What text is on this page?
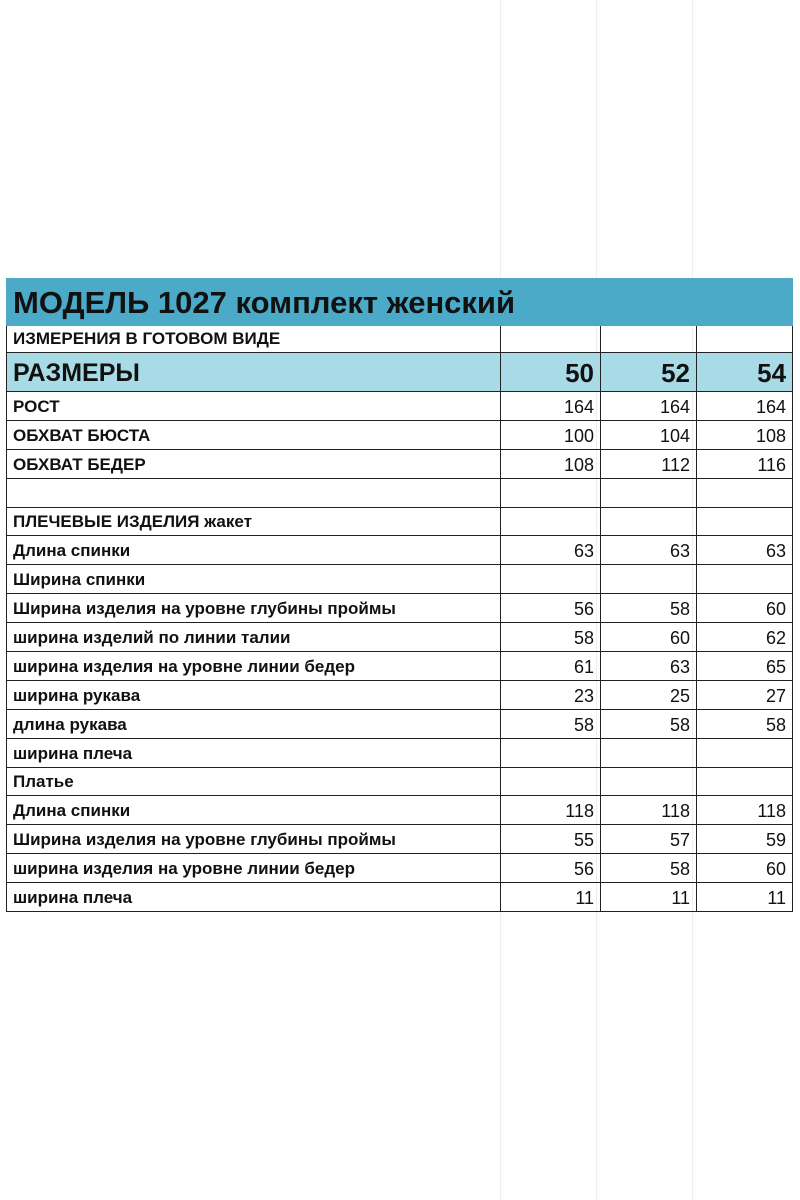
МОДЕЛЬ 1027 комплект женский			
ИЗМЕРЕНИЯ В ГОТОВОМ ВИДЕ			
РАЗМЕРЫ	50	52	54
РОСТ	164	164	164
ОБХВАТ БЮСТА	100	104	108
ОБХВАТ БЕДЕР	108	112	116

ПЛЕЧЕВЫЕ ИЗДЕЛИЯ жакет			
Длина спинки	63	63	63
Ширина спинки			
Ширина изделия на уровне глубины проймы	56	58	60
ширина изделий по линии талии	58	60	62
ширина изделия на уровне линии бедер	61	63	65
ширина рукава	23	25	27
длина рукава	58	58	58
ширина плеча			
Платье			
Длина спинки	118	118	118
Ширина изделия на уровне глубины проймы	55	57	59
ширина изделия на уровне линии бедер	56	58	60
ширина плеча	11	11	11
